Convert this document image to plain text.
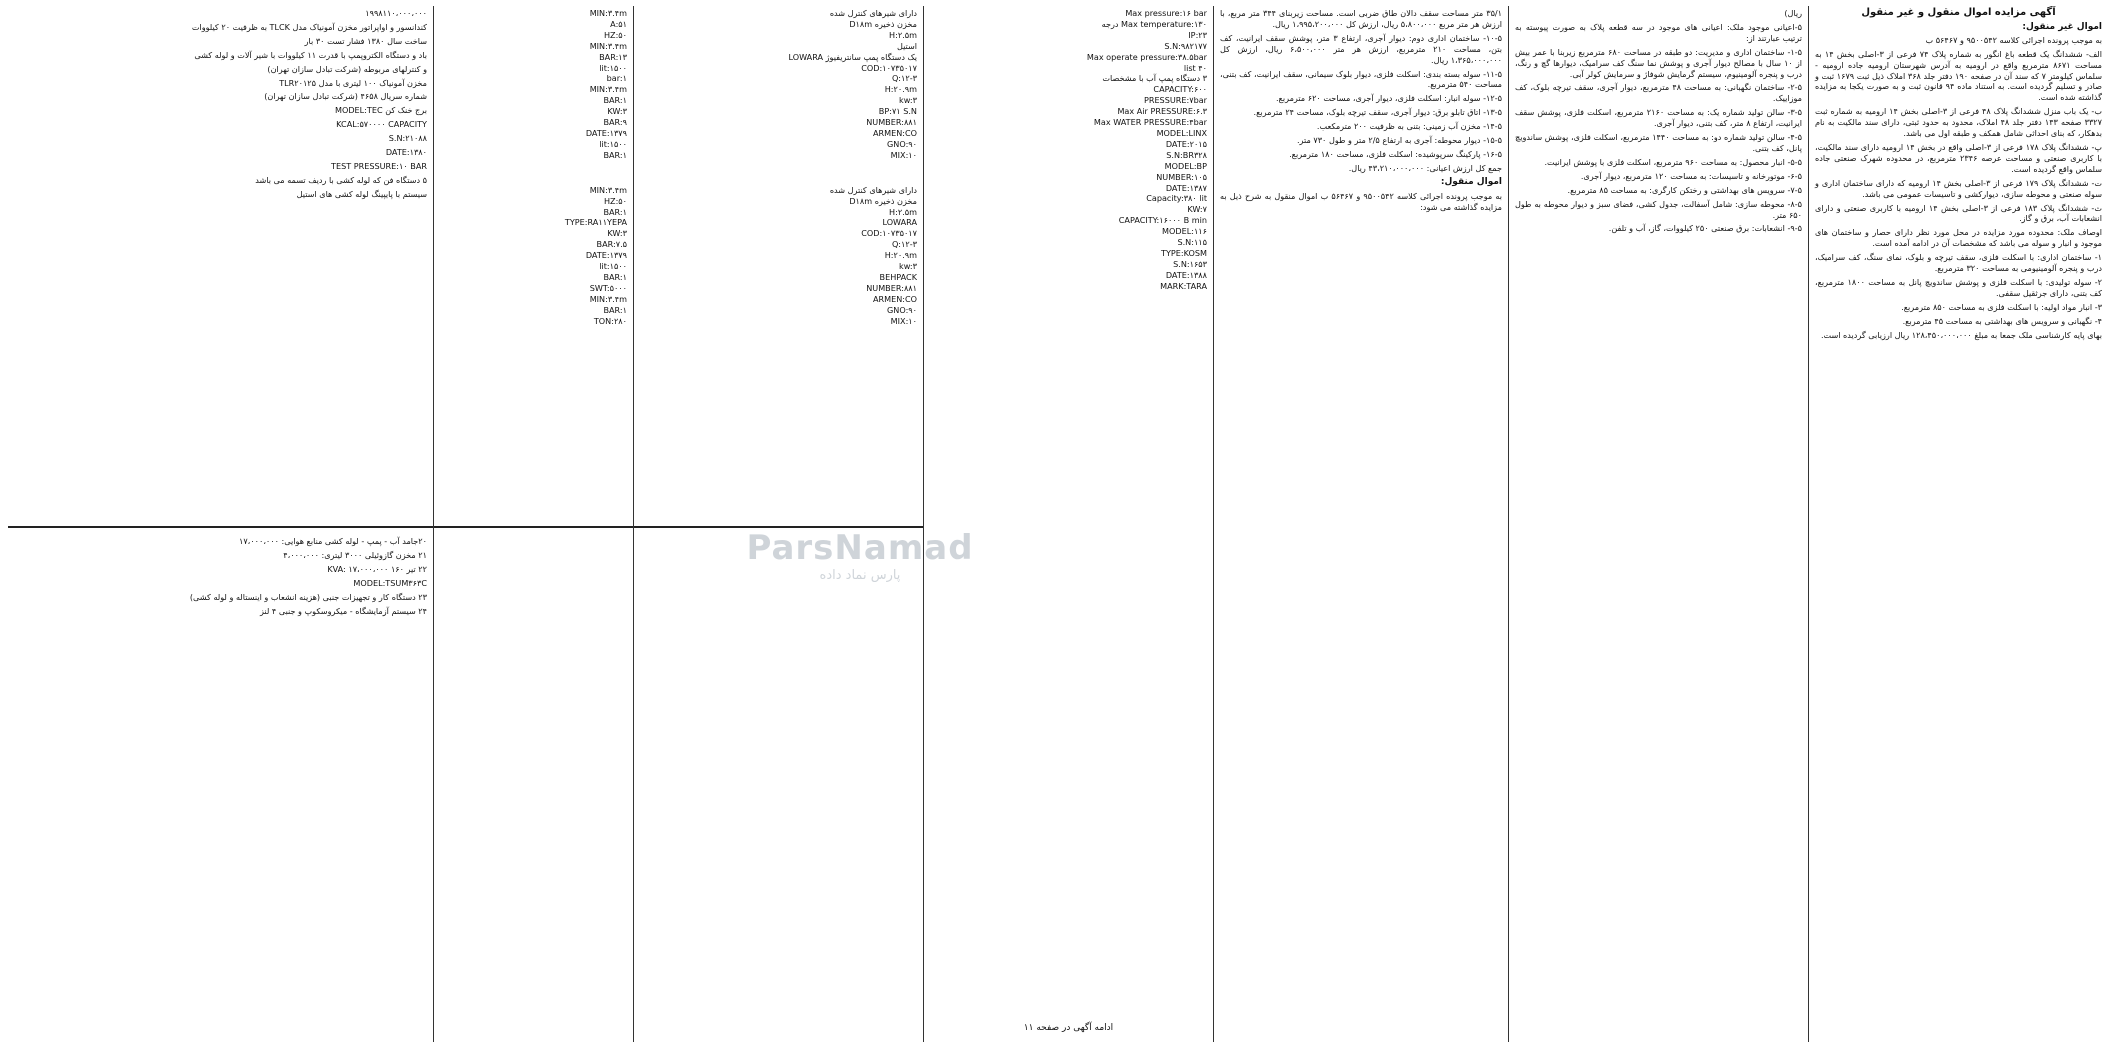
آگهی مزایده اموال منقول و غیر منقول
اموال غیر منقول:

به موجب پرونده اجرائی کلاسه ۹۵۰۰۵۴۲ و ۵۶۴۶۷ ب

الف- ششدانگ یک قطعه باغ انگور به شماره پلاک ۷۴ فرعی از ۳-اصلی بخش ۱۴ به مساحت ۸۶۷۱ مترمربع واقع در ارومیه به آدرس شهرستان ارومیه جاده ارومیه - سلماس کیلومتر ۷ که سند آن در صفحه ۱۹۰ دفتر جلد ۳۶۸ املاک ذیل ثبت ۱۶۷۹ ثبت و صادر و تسلیم گردیده است. به استناد ماده ۹۴ قانون ثبت و به صورت یکجا به مزایده گذاشته شده است.

ب- یک باب منزل ششدانگ پلاک ۴۸ فرعی از ۳-اصلی بخش ۱۴ ارومیه به شماره ثبت ۳۳۲۷ صفحه ۱۴۳ دفتر جلد ۴۸ املاک، محدود به حدود ثبتی، دارای سند مالکیت به نام بدهکار، که بنای احداثی شامل همکف و طبقه اول می باشد.

پ- ششدانگ پلاک ۱۷۸ فرعی از ۳-اصلی واقع در بخش ۱۴ ارومیه دارای سند مالکیت، با کاربری صنعتی و مساحت عرصه ۲۳۴۶ مترمربع، در محدوده شهرک صنعتی جاده سلماس واقع گردیده است.

ت- ششدانگ پلاک ۱۷۹ فرعی از ۳-اصلی بخش ۱۴ ارومیه که دارای ساختمان اداری و سوله صنعتی و محوطه سازی، دیوارکشی و تاسیسات عمومی می باشد.

ث- ششدانگ پلاک ۱۸۳ فرعی از ۳-اصلی بخش ۱۴ ارومیه با کاربری صنعتی و دارای انشعابات آب، برق و گاز.

اوصاف ملک: محدوده مورد مزایده در محل مورد نظر دارای حصار و ساختمان های موجود و انبار و سوله می باشد که مشخصات آن در ادامه آمده است.

۱- ساختمان اداری: با اسکلت فلزی، سقف تیرچه و بلوک، نمای سنگ، کف سرامیک، درب و پنجره آلومینیومی به مساحت ۳۲۰ مترمربع.

۲- سوله تولیدی: با اسکلت فلزی و پوشش ساندویچ پانل به مساحت ۱۸۰۰ مترمربع، کف بتنی، دارای جرثقیل سقفی.

۳- انبار مواد اولیه: با اسکلت فلزی به مساحت ۸۵۰ مترمربع.

۴- نگهبانی و سرویس های بهداشتی به مساحت ۴۵ مترمربع.

بهای پایه کارشناسی ملک جمعا به مبلغ ۱۲۸،۴۵۰،۰۰۰،۰۰۰ ریال ارزیابی گردیده است.

ریال)

۵-اعیانی موجود ملک: اعیانی های موجود در سه قطعه پلاک به صورت پیوسته به ترتیب عبارتند از:

۱-۵- ساختمان اداری و مدیریت: دو طبقه در مساحت ۶۸۰ مترمربع زیربنا با عمر بیش از ۱۰ سال با مصالح دیوار آجری و پوشش نما سنگ کف سرامیک، دیوارها گچ و رنگ، درب و پنجره آلومینیوم، سیستم گرمایش شوفاژ و سرمایش کولر آبی.

۲-۵- ساختمان نگهبانی: به مساحت ۴۸ مترمربع، دیوار آجری، سقف تیرچه بلوک، کف موزاییک.

۳-۵- سالن تولید شماره یک: به مساحت ۲۱۶۰ مترمربع، اسکلت فلزی، پوشش سقف ایرانیت، ارتفاع ۸ متر، کف بتنی، دیوار آجری.

۴-۵- سالن تولید شماره دو: به مساحت ۱۴۴۰ مترمربع، اسکلت فلزی، پوشش ساندویچ پانل، کف بتنی.

۵-۵- انبار محصول: به مساحت ۹۶۰ مترمربع، اسکلت فلزی با پوشش ایرانیت.

۶-۵- موتورخانه و تاسیسات: به مساحت ۱۲۰ مترمربع، دیوار آجری.

۷-۵- سرویس های بهداشتی و رختکن کارگری: به مساحت ۸۵ مترمربع.

۸-۵- محوطه سازی: شامل آسفالت، جدول کشی، فضای سبز و دیوار محوطه به طول ۶۵۰ متر.

۹-۵- انشعابات: برق صنعتی ۲۵۰ کیلووات، گاز، آب و تلفن.

۳۵/۱ متر مساحت سقف دالان طاق ضربی است. مساحت زیربنای ۳۴۴ متر مربع، با ارزش هر متر مربع ۵،۸۰۰،۰۰۰ ریال، ارزش کل ۱،۹۹۵،۲۰۰،۰۰۰ ریال.

۱۰-۵- ساختمان اداری دوم: دیوار آجری، ارتفاع ۳ متر، پوشش سقف ایرانیت، کف بتن، مساحت ۲۱۰ مترمربع، ارزش هر متر ۶،۵۰۰،۰۰۰ ریال، ارزش کل ۱،۳۶۵،۰۰۰،۰۰۰ ریال.

۱۱-۵- سوله بسته بندی: اسکلت فلزی، دیوار بلوک سیمانی، سقف ایرانیت، کف بتنی، مساحت ۵۴۰ مترمربع.

۱۲-۵- سوله انبار: اسکلت فلزی، دیوار آجری، مساحت ۶۲۰ مترمربع.

۱۳-۵- اتاق تابلو برق: دیوار آجری، سقف تیرچه بلوک، مساحت ۲۴ مترمربع.

۱۴-۵- مخزن آب زمینی: بتنی به ظرفیت ۲۰۰ مترمکعب.

۱۵-۵- دیوار محوطه: آجری به ارتفاع ۲/۵ متر و طول ۷۳۰ متر.

۱۶-۵- پارکینگ سرپوشیده: اسکلت فلزی، مساحت ۱۸۰ مترمربع.

جمع کل ارزش اعیانی: ۴۳،۲۱۰،۰۰۰،۰۰۰ ریال.

اموال منقول:

به موجب پرونده اجرائی کلاسه ۹۵۰۰۵۴۲ و ۵۶۴۶۷ ب اموال منقول به شرح ذیل به مزایده گذاشته می شود:

Max pressure:۱۶ bar
Max temperature:۱۳۰ درجه
IP:۲۳
S.N:۹۸۲۱۷۷
Max operate pressure:۳۸.۵bar
۴۰ list
۳ دستگاه پمپ آب با مشخصات
CAPACITY:۶۰۰
PRESSURE:۷bar
Max Air PRESSURE:۶.۳
Max WATER PRESSURE:۴bar
MODEL:LINX
DATE:۲۰۱۵
S.N:BR۳۲۸
MODEL:BP
NUMBER:۱۰۵
DATE:۱۳۸۷
Capacity:۳۸۰ lit
KW:۷
CAPACITY:۱۶۰۰۰ B min
MODEL:۱۱۶
S.N:۱۱۵
TYPE:KOSM
S.N:۱۶۵۳
DATE:۱۳۸۸
MARK:TARA
ادامه آگهی در صفحه ۱۱
دارای شیرهای کنترل شده
مخزن ذخیره D۱۸m
H:۲.۵m
استیل
یک دستگاه پمپ سانتریفیوژ LOWARA
COD:۱۰۷۳۵۰۱۷
Q:۱۲-۳
H:۲۰.۹m
kw:۳
BP:۷۱ S.N
NUMBER:۸۸۱
ARMEN:CO
GNO:۹۰
MIX:۱۰
دارای شیرهای کنترل شده
مخزن ذخیره D۱۸m
H:۲.۵m
LOWARA
COD:۱۰۷۳۵۰۱۷
Q:۱۲-۳
H:۲۰.۹m
kw:۳
BEHPACK
NUMBER:۸۸۱
ARMEN:CO
GNO:۹۰
MIX:۱۰
MIN:۳.۴m
A:۵۱
HZ:۵۰
MIN:۳.۴m
BAR:۱۳
lit:۱۵۰۰
bar:۱
MIN:۳.۴m
BAR:۱
KW:۳
BAR:۹
DATE:۱۳۷۹
lit:۱۵۰۰
BAR:۱
MIN:۳.۴m
HZ:۵۰
BAR:۱
TYPE:RA۱۱YEPA
KW:۳
BAR:۷.۵
DATE:۱۳۷۹
lit:۱۵۰۰
BAR:۱
SWT:۵۰۰۰
MIN:۳.۴m
BAR:۱
TON:۲۸۰

۱۹۹۸۱۱۰،۰۰۰،۰۰۰

کندانسور و اواپراتور مخزن آمونیاک مدل TLCK به ظرفیت ۲۰ کیلووات

ساخت سال ۱۳۸۰ فشار تست ۳۰ بار

باد و دستگاه الکتروپمپ با قدرت ۱۱ کیلووات با شیر آلات و لوله کشی

و کنترلهای مربوطه (شرکت تبادل سازان تهران)

مخزن آمونیاک ۱۰۰ لیتری با مدل TLR۲۰۱۲۵

شماره سریال ۴۶۵۸ (شرکت تبادل سازان تهران)

برج خنک کن MODEL:TEC

KCAL:۵۷۰۰۰۰ CAPACITY

S.N:۲۱۰۸۸

DATE:۱۳۸۰

TEST PRESSURE:۱۰ BAR

۵ دستگاه فن که لوله کشی با ردیف تسمه می باشد

سیستم با پایپینگ لوله کشی های استیل

۲۰جامد آب - پمپ - لوله کشی منابع هوایی: ۱۷،۰۰۰،۰۰۰

۲۱ مخزن گازوئیلی ۳۰۰۰ لیتری: ۴،۰۰۰،۰۰۰

۲۲ تیر ۱۶۰ KVA: ۱۷،۰۰۰،۰۰۰

MODEL:TSUM۳۶۳C

۲۳ دستگاه کار و تجهیزات جنبی (هزینه انشعاب و اینستاله و لوله کشی)

۲۴ سیستم آزمایشگاه - میکروسکوپ و جنبی ۴ لنز

ParsNamad
پارس نماد داده
